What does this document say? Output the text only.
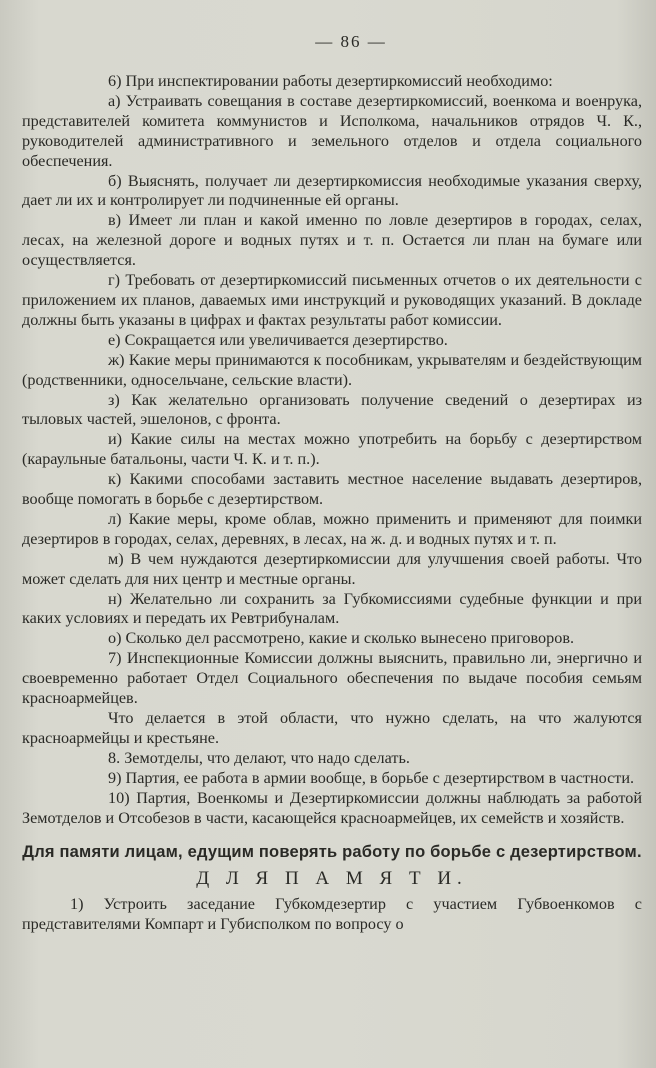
— 86 —

6) При инспектировании работы дезертиркомиссий необходимо:

а) Устраивать совещания в составе дезертиркомиссий, военкома и военрука, представителей комитета коммунистов и Исполкома, начальников отрядов Ч. К., руководителей административного и земельного отделов и отдела социального обеспечения.

б) Выяснять, получает ли дезертиркомиссия необходимые указания сверху, дает ли их и контролирует ли подчиненные ей органы.

в) Имеет ли план и какой именно по ловле дезертиров в городах, селах, лесах, на железной дороге и водных путях и т. п. Остается ли план на бумаге или осуществляется.

г) Требовать от дезертиркомиссий письменных отчетов о их деятельности с приложением их планов, даваемых ими инструкций и руководящих указаний. В докладе должны быть указаны в цифрах и фактах результаты работ комиссии.

е) Сокращается или увеличивается дезертирство.

ж) Какие меры принимаются к пособникам, укрывателям и бездействующим (родственники, односельчане, сельские власти).

з) Как желательно организовать получение сведений о дезертирах из тыловых частей, эшелонов, с фронта.

и) Какие силы на местах можно употребить на борьбу с дезертирством (караульные батальоны, части Ч. К. и т. п.).

к) Какими способами заставить местное население выдавать дезертиров, вообще помогать в борьбе с дезертирством.

л) Какие меры, кроме облав, можно применить и применяют для поимки дезертиров в городах, селах, деревнях, в лесах, на ж. д. и водных путях и т. п.

м) В чем нуждаются дезертиркомиссии для улучшения своей работы. Что может сделать для них центр и местные органы.

н) Желательно ли сохранить за Губкомиссиями судебные функции и при каких условиях и передать их Ревтрибуналам.

о) Сколько дел рассмотрено, какие и сколько вынесено приговоров.

7) Инспекционные Комиссии должны выяснить, правильно ли, энергично и своевременно работает Отдел Социального обеспечения по выдаче пособия семьям красноармейцев.

Что делается в этой области, что нужно сделать, на что жалуются красноармейцы и крестьяне.

8. Земотделы, что делают, что надо сделать.

9) Партия, ее работа в армии вообще, в борьбе с дезертирством в частности.

10) Партия, Военкомы и Дезертиркомиссии должны наблюдать за работой Земотделов и Отсобезов в части, касающейся красноармейцев, их семейств и хозяйств.

Для памяти лицам, едущим поверять работу по борьбе с дезертирством.
Д Л Я П А М Я Т И.

1) Устроить заседание Губкомдезертир с участием Губвоенкомов с представителями Компарт и Губисполком по вопросу о
